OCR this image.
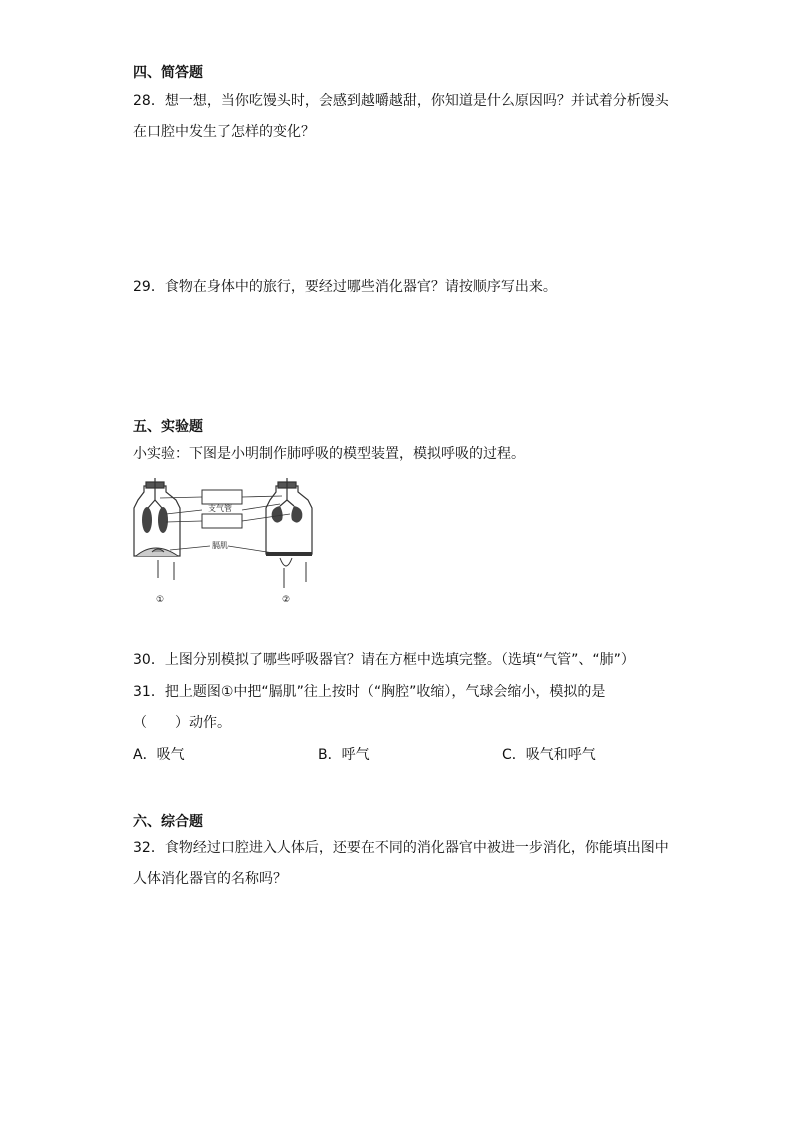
四、简答题
28．想一想，当你吃馒头时，会感到越嚼越甜，你知道是什么原因吗？并试着分析馒头
在口腔中发生了怎样的变化？
29．食物在身体中的旅行，要经过哪些消化器官？请按顺序写出来。
五、实验题
小实验：下图是小明制作肺呼吸的模型装置，模拟呼吸的过程。
支气管
膈肌
①	②
30．上图分别模拟了哪些呼吸器官？请在方框中选填完整。（选填“气管”、“肺”）
31．把上题图①中把“膈肌”往上按时（“胸腔”收缩），气球会缩小，模拟的是
（　　）动作。
A．吸气	B．呼气	C．吸气和呼气
六、综合题
32．食物经过口腔进入人体后，还要在不同的消化器官中被进一步消化，你能填出图中
人体消化器官的名称吗？
